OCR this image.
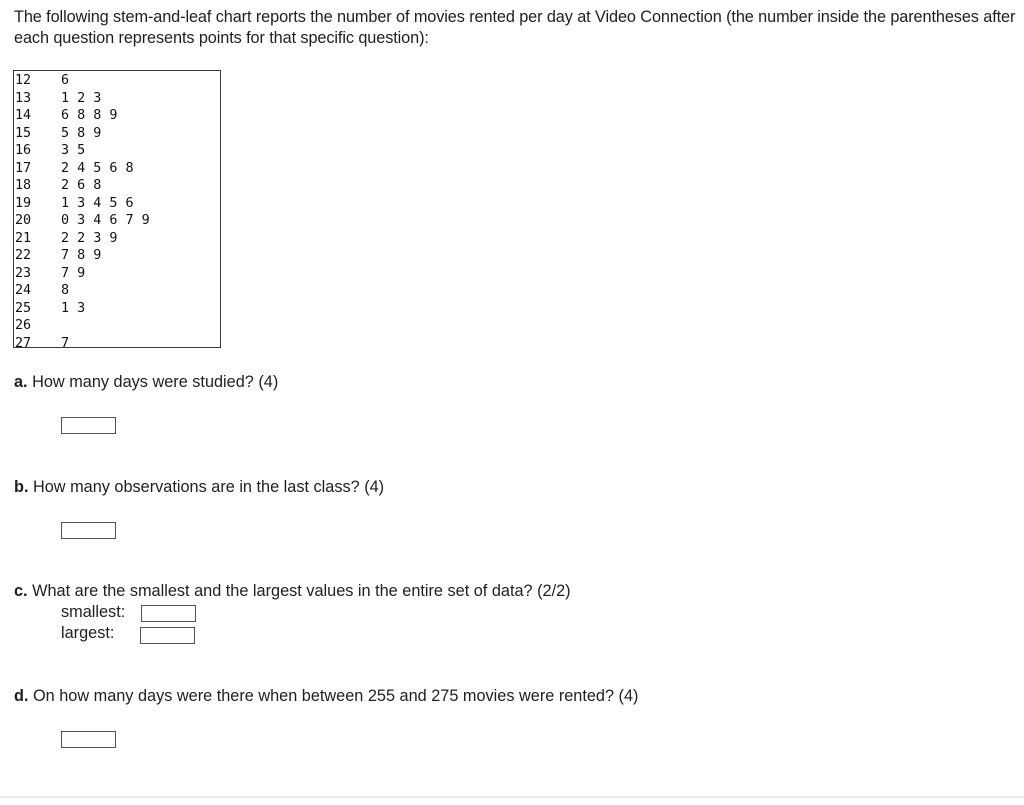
The following stem-and-leaf chart reports the number of movies rented per day at Video Connection (the number inside the parentheses after each question represents points for that specific question):
12	6
13	1 2 3
14	6 8 8 9
15	5 8 9
16	3 5
17	2 4 5 6 8
18	2 6 8
19	1 3 4 5 6
20	0 3 4 6 7 9
21	2 2 3 9
22	7 8 9
23	7 9
24	8
25	1 3
26
27	7
a. How many days were studied? (4)
b. How many observations are in the last class? (4)
c. What are the smallest and the largest values in the entire set of data? (2/2)
smallest:
largest:
d. On how many days were there when between 255 and 275 movies were rented? (4)
